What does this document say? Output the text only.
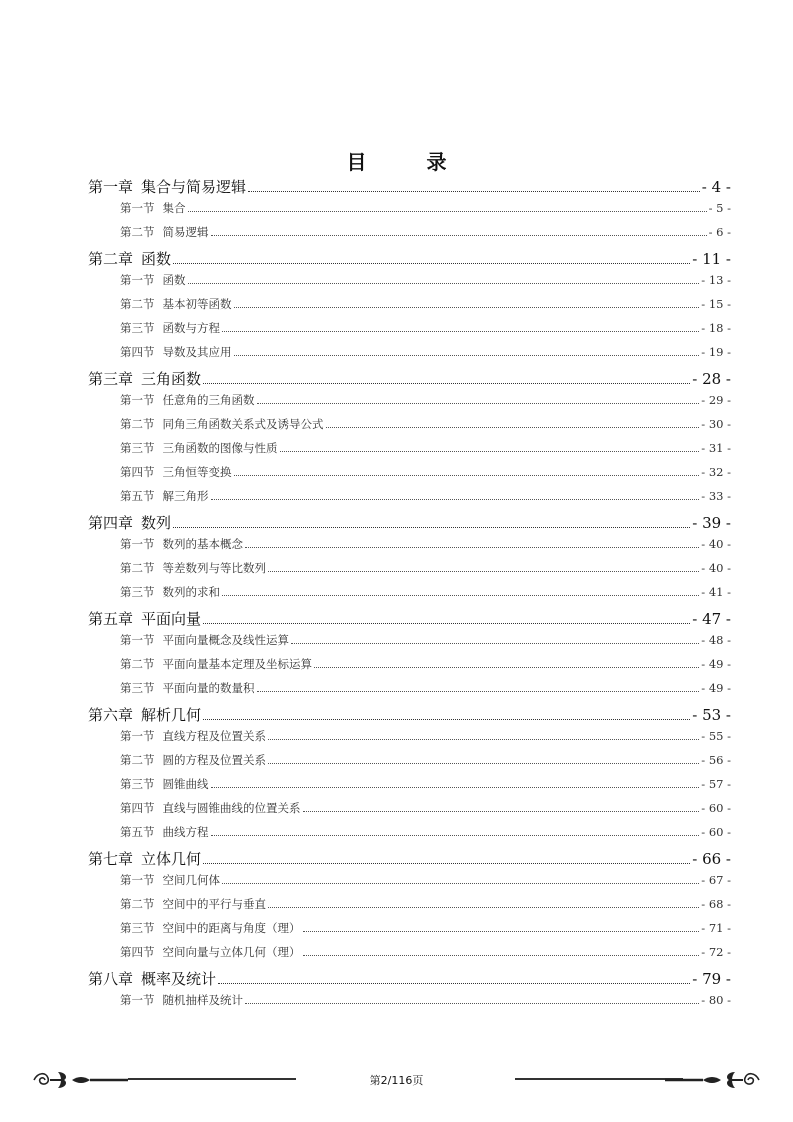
目	录
第一章 集合与简易逻辑	- 4 -
第一节 集合	- 5 -
第二节 简易逻辑	- 6 -
第二章 函数	- 11 -
第一节 函数	- 13 -
第二节 基本初等函数	- 15 -
第三节 函数与方程	- 18 -
第四节 导数及其应用	- 19 -
第三章 三角函数	- 28 -
第一节 任意角的三角函数	- 29 -
第二节 同角三角函数关系式及诱导公式	- 30 -
第三节 三角函数的图像与性质	- 31 -
第四节 三角恒等变换	- 32 -
第五节 解三角形	- 33 -
第四章 数列	- 39 -
第一节 数列的基本概念	- 40 -
第二节 等差数列与等比数列	- 40 -
第三节 数列的求和	- 41 -
第五章 平面向量	- 47 -
第一节 平面向量概念及线性运算	- 48 -
第二节 平面向量基本定理及坐标运算	- 49 -
第三节 平面向量的数量积	- 49 -
第六章 解析几何	- 53 -
第一节 直线方程及位置关系	- 55 -
第二节 圆的方程及位置关系	- 56 -
第三节 圆锥曲线	- 57 -
第四节 直线与圆锥曲线的位置关系	- 60 -
第五节 曲线方程	- 60 -
第七章 立体几何	- 66 -
第一节 空间几何体	- 67 -
第二节 空间中的平行与垂直	- 68 -
第三节 空间中的距离与角度（理）	- 71 -
第四节 空间向量与立体几何（理）	- 72 -
第八章 概率及统计	- 79 -
第一节 随机抽样及统计	- 80 -
第2/116页
